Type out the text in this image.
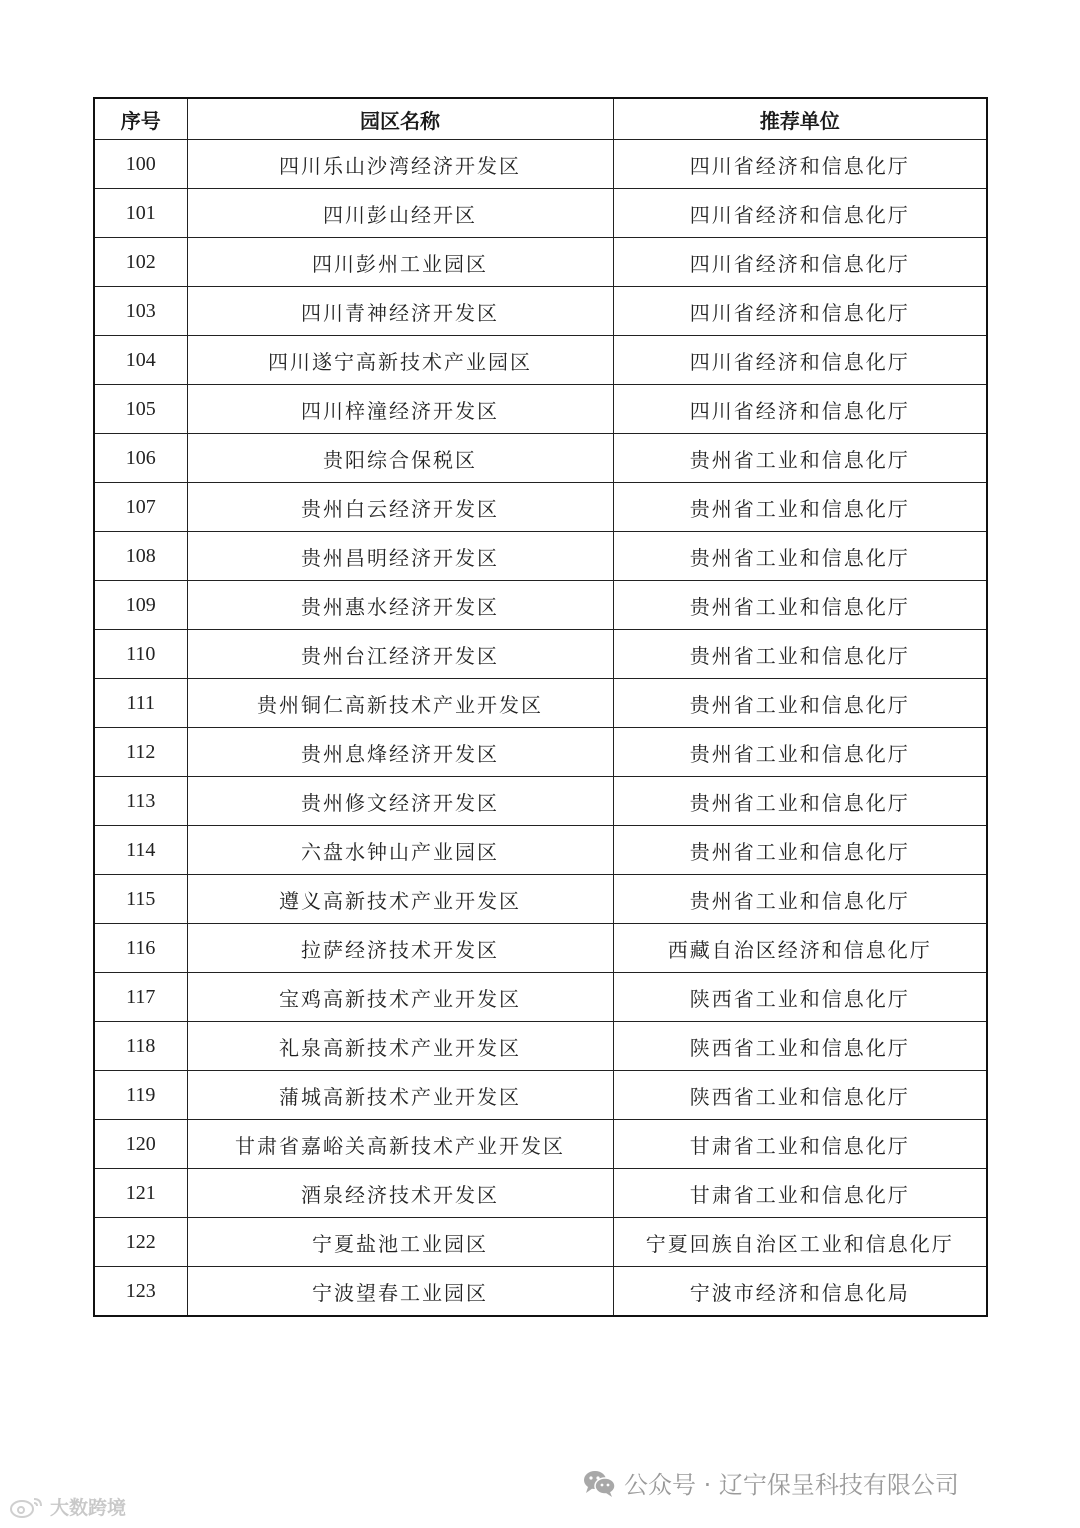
序号	园区名称	推荐单位
100	四川乐山沙湾经济开发区	四川省经济和信息化厅
101	四川彭山经开区	四川省经济和信息化厅
102	四川彭州工业园区	四川省经济和信息化厅
103	四川青神经济开发区	四川省经济和信息化厅
104	四川遂宁高新技术产业园区	四川省经济和信息化厅
105	四川梓潼经济开发区	四川省经济和信息化厅
106	贵阳综合保税区	贵州省工业和信息化厅
107	贵州白云经济开发区	贵州省工业和信息化厅
108	贵州昌明经济开发区	贵州省工业和信息化厅
109	贵州惠水经济开发区	贵州省工业和信息化厅
110	贵州台江经济开发区	贵州省工业和信息化厅
111	贵州铜仁高新技术产业开发区	贵州省工业和信息化厅
112	贵州息烽经济开发区	贵州省工业和信息化厅
113	贵州修文经济开发区	贵州省工业和信息化厅
114	六盘水钟山产业园区	贵州省工业和信息化厅
115	遵义高新技术产业开发区	贵州省工业和信息化厅
116	拉萨经济技术开发区	西藏自治区经济和信息化厅
117	宝鸡高新技术产业开发区	陕西省工业和信息化厅
118	礼泉高新技术产业开发区	陕西省工业和信息化厅
119	蒲城高新技术产业开发区	陕西省工业和信息化厅
120	甘肃省嘉峪关高新技术产业开发区	甘肃省工业和信息化厅
121	酒泉经济技术开发区	甘肃省工业和信息化厅
122	宁夏盐池工业园区	宁夏回族自治区工业和信息化厅
123	宁波望春工业园区	宁波市经济和信息化局
大数跨境
公众号 · 辽宁保呈科技有限公司
